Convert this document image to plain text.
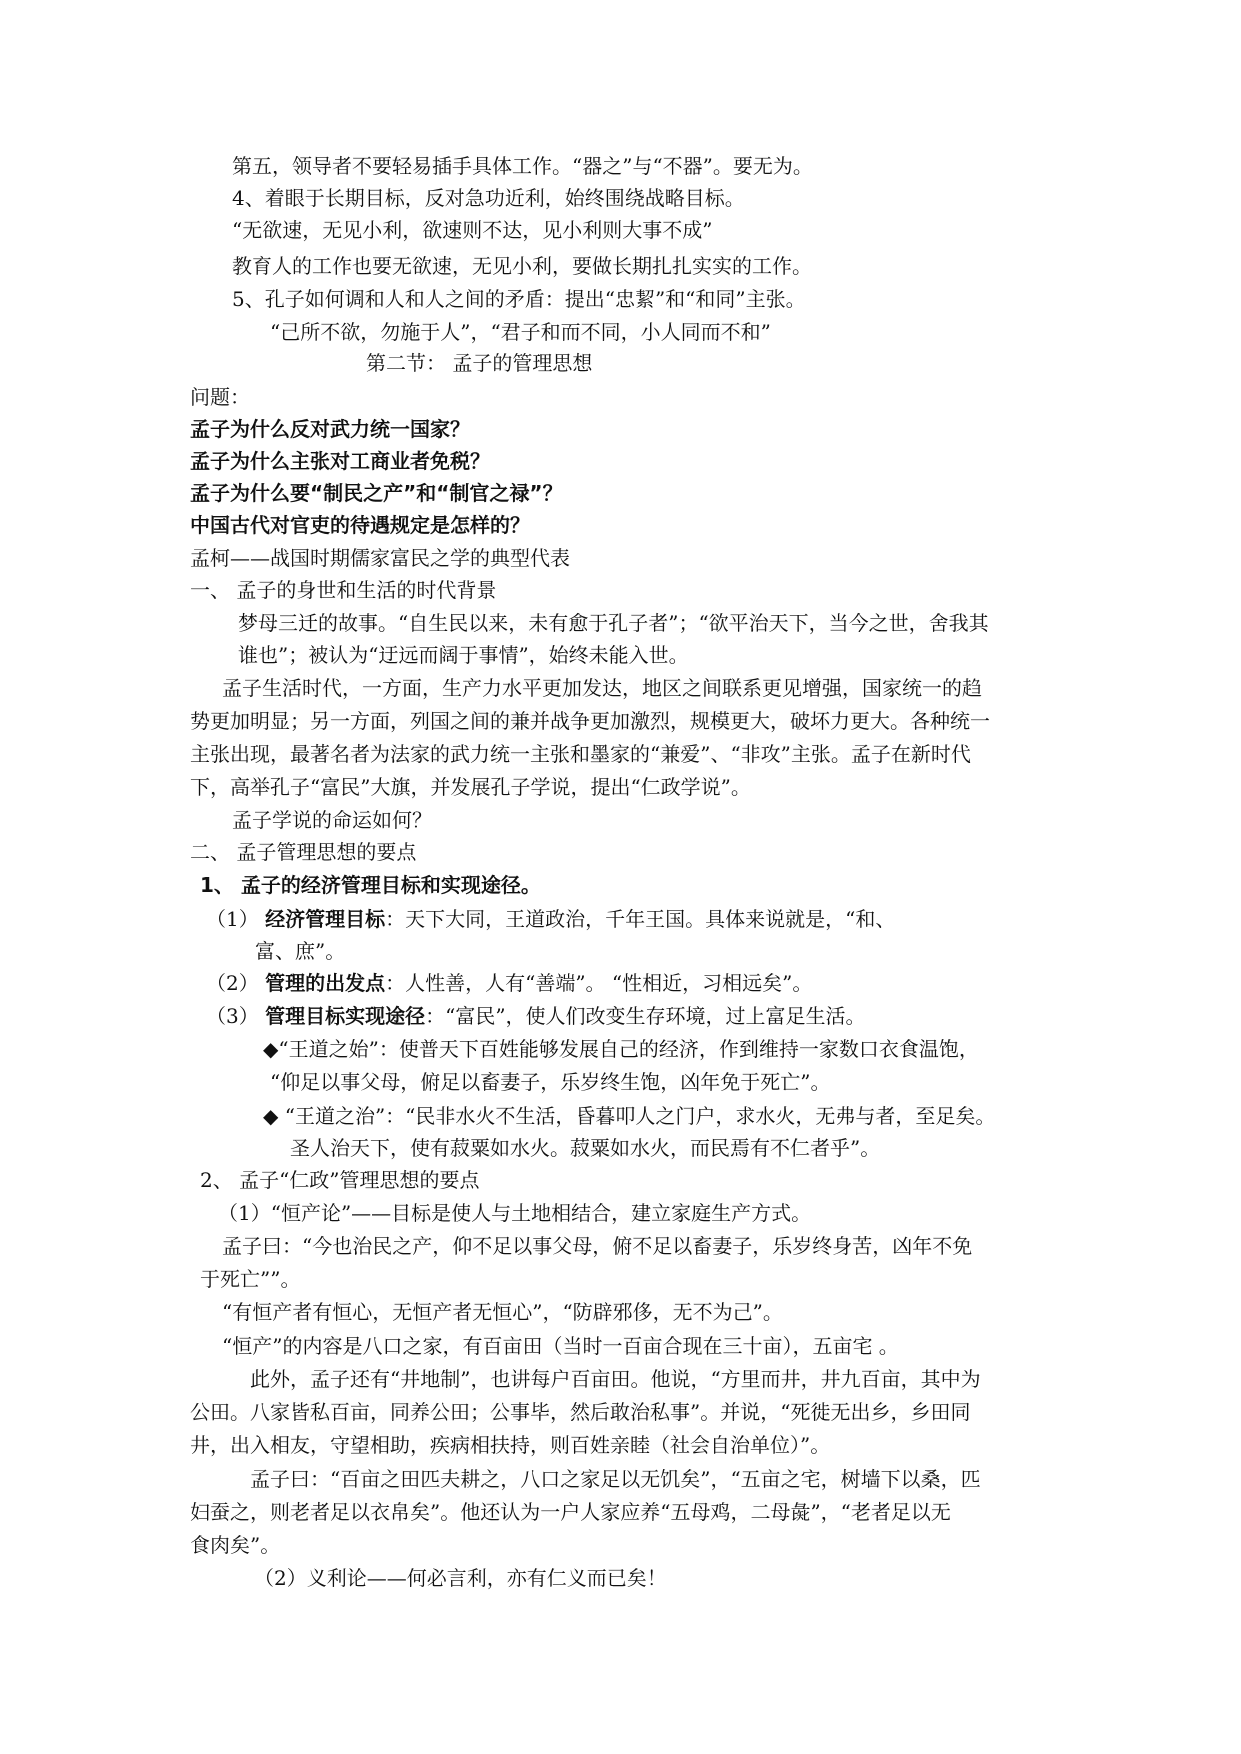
第五，领导者不要轻易插手具体工作。“器之”与“不器”。要无为。
4、着眼于长期目标，反对急功近利，始终围绕战略目标。
“无欲速，无见小利，欲速则不达，见小利则大事不成”
教育人的工作也要无欲速，无见小利，要做长期扎扎实实的工作。
5、孔子如何调和人和人之间的矛盾：提出“忠絜”和“和同”主张。
“己所不欲，勿施于人”，“君子和而不同，小人同而不和”
第二节： 孟子的管理思想
问题：
孟子为什么反对武力统一国家？
孟子为什么主张对工商业者免税？
孟子为什么要“制民之产”和“制官之禄”？
中国古代对官吏的待遇规定是怎样的？
孟柯——战国时期儒家富民之学的典型代表
一、 孟子的身世和生活的时代背景
梦母三迁的故事。“自生民以来，未有愈于孔子者”；“欲平治天下，当今之世，舍我其
谁也”；被认为“迂远而阔于事情”，始终未能入世。
孟子生活时代，一方面，生产力水平更加发达，地区之间联系更见增强，国家统一的趋
势更加明显；另一方面，列国之间的兼并战争更加激烈，规模更大，破坏力更大。各种统一
主张出现，最著名者为法家的武力统一主张和墨家的“兼爱”、“非攻”主张。孟子在新时代
下，高举孔子“富民”大旗，并发展孔子学说，提出“仁政学说”。
孟子学说的命运如何？
二、 孟子管理思想的要点
1、 孟子的经济管理目标和实现途径。
（1） 经济管理目标：天下大同，王道政治，千年王国。具体来说就是，“和、
富、庶”。
（2） 管理的出发点：人性善，人有“善端”。 “性相近，习相远矣”。
（3） 管理目标实现途径：“富民”，使人们改变生存环境，过上富足生活。
◆“王道之始”：使普天下百姓能够发展自己的经济，作到维持一家数口衣食温饱，
“仰足以事父母，俯足以畜妻子，乐岁终生饱，凶年免于死亡”。
◆ “王道之治”：“民非水火不生活，昏暮叩人之门户，求水火，无弗与者，至足矣。
圣人治天下，使有菽粟如水火。菽粟如水火，而民焉有不仁者乎”。
2、 孟子“仁政”管理思想的要点
（1）“恒产论”——目标是使人与土地相结合，建立家庭生产方式。
孟子曰：“今也治民之产，仰不足以事父母，俯不足以畜妻子，乐岁终身苦，凶年不免
于死亡””。
“有恒产者有恒心，无恒产者无恒心”，“防辟邪侈，无不为己”。
“恒产”的内容是八口之家，有百亩田（当时一百亩合现在三十亩），五亩宅 。
此外，孟子还有“井地制”，也讲每户百亩田。他说，“方里而井，井九百亩，其中为
公田。八家皆私百亩，同养公田；公事毕，然后敢治私事”。并说，“死徙无出乡，乡田同
井，出入相友，守望相助，疾病相扶持，则百姓亲睦（社会自治单位）”。
孟子曰：“百亩之田匹夫耕之，八口之家足以无饥矣”，“五亩之宅，树墙下以桑，匹
妇蚕之，则老者足以衣帛矣”。他还认为一户人家应养“五母鸡，二母彘”，“老者足以无
食肉矣”。
（2）义利论——何必言利，亦有仁义而已矣！
